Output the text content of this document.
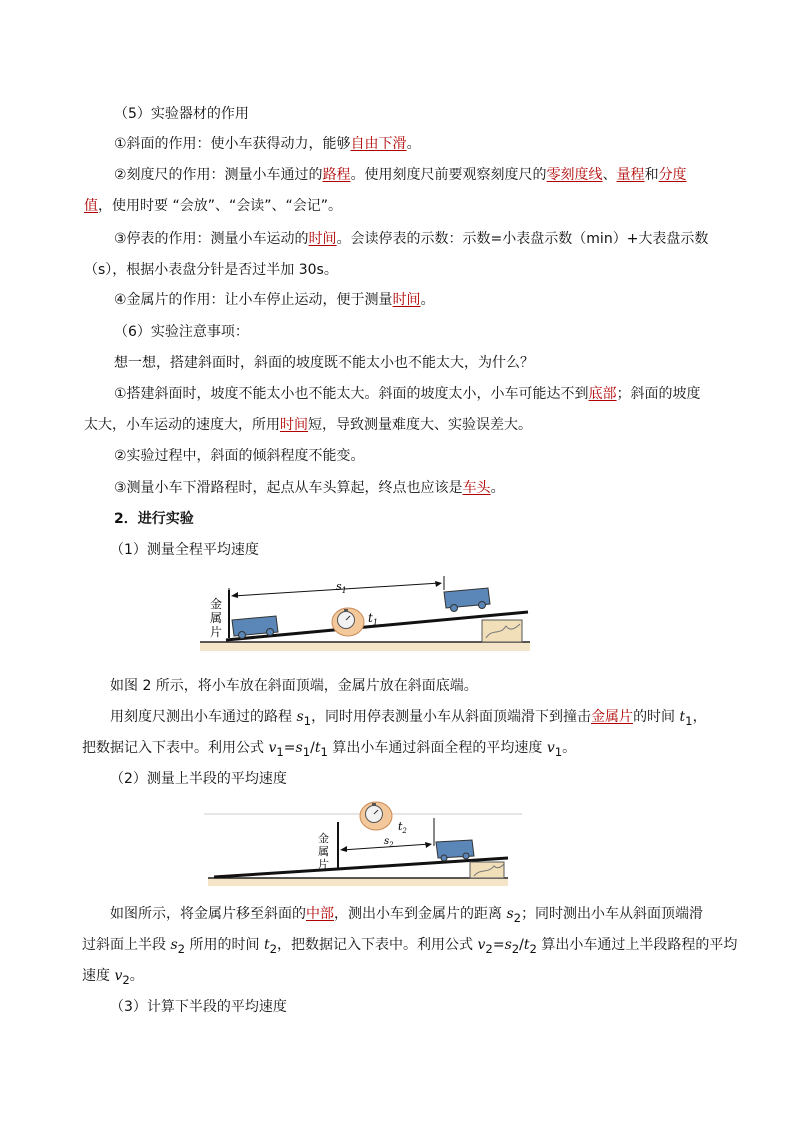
（5）实验器材的作用
①斜面的作用：使小车获得动力，能够自由下滑。
②刻度尺的作用：测量小车通过的路程。使用刻度尺前要观察刻度尺的零刻度线、量程和分度
值，使用时要 “会放”、“会读”、“会记”。
③停表的作用：测量小车运动的时间。会读停表的示数：示数=小表盘示数（min）+大表盘示数
（s），根据小表盘分针是否过半加 30s。
④金属片的作用：让小车停止运动，便于测量时间。
（6）实验注意事项：
想一想，搭建斜面时，斜面的坡度既不能太小也不能太大，为什么？
①搭建斜面时，坡度不能太小也不能太大。斜面的坡度太小，小车可能达不到底部；斜面的坡度
太大，小车运动的速度大，所用时间短，导致测量难度大、实验误差大。
②实验过程中，斜面的倾斜程度不能变。
③测量小车下滑路程时，起点从车头算起，终点也应该是车头。
2．进行实验
（1）测量全程平均速度
金
属
片
$s_1$
$t_1$
如图 2 所示，将小车放在斜面顶端，金属片放在斜面底端。
用刻度尺测出小车通过的路程 $s_1$，同时用停表测量小车从斜面顶端滑下到撞击金属片的时间 $t_1$，
把数据记入下表中。利用公式 $v_1=s_1/t_1$ 算出小车通过斜面全程的平均速度 $v_1$。
（2）测量上半段的平均速度
金
属
片
$s_2$
$t_2$
如图所示，将金属片移至斜面的中部，测出小车到金属片的距离 $s_2$；同时测出小车从斜面顶端滑
过斜面上半段 $s_2$ 所用的时间 $t_2$，把数据记入下表中。利用公式 $v_2=s_2/t_2$ 算出小车通过上半段路程的平均
速度 $v_2$。
（3）计算下半段的平均速度
